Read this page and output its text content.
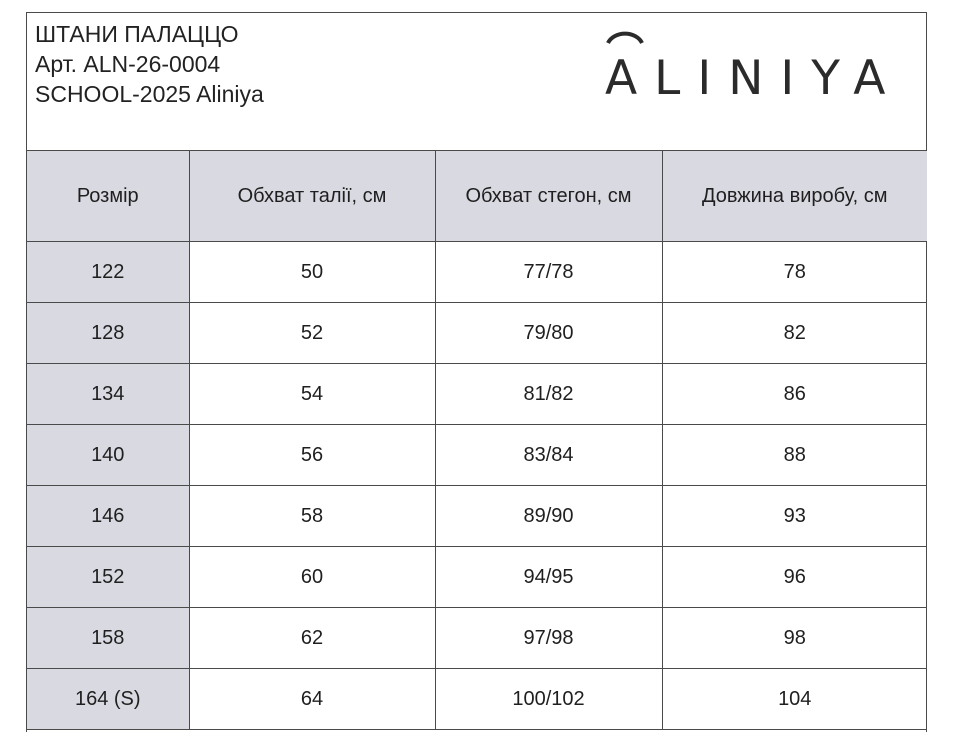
ШТАНИ ПАЛАЦЦО
Арт. ALN-26-0004
SCHOOL-2025 Aliniya	ALINIYA
Розмір	Обхват талії, см	Обхват стегон, см	Довжина виробу, см
122	50	77/78	78
128	52	79/80	82
134	54	81/82	86
140	56	83/84	88
146	58	89/90	93
152	60	94/95	96
158	62	97/98	98
164 (S)	64	100/102	104
